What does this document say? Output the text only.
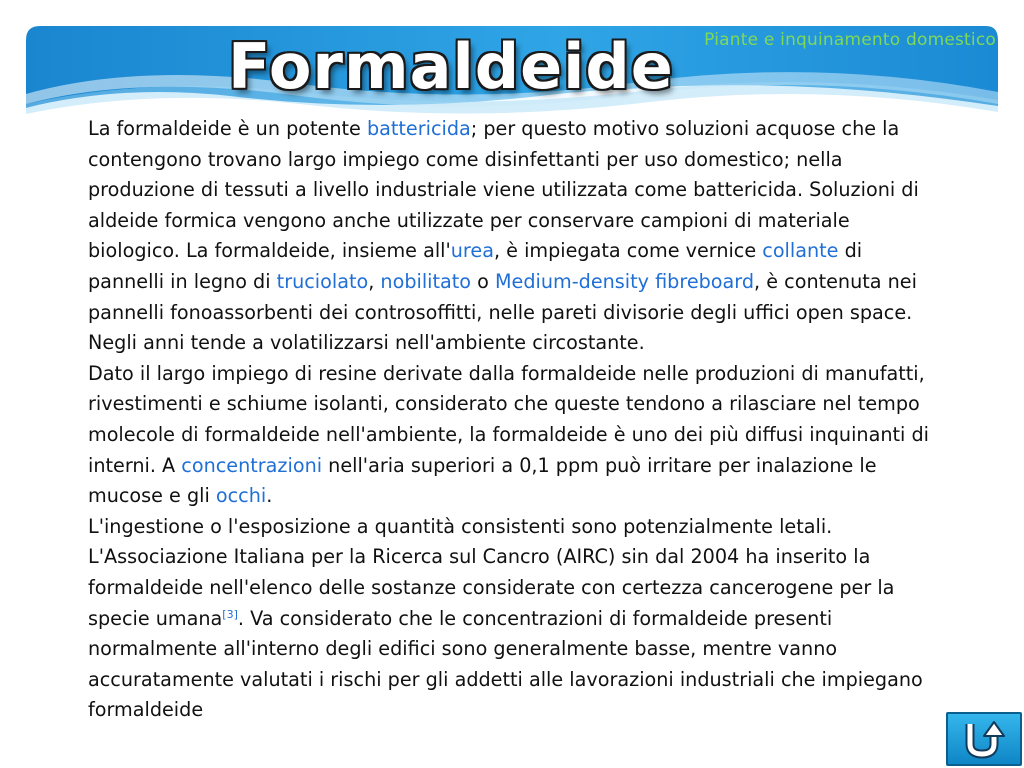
Piante e inquinamento domestico
Formaldeide

La formaldeide è un potente battericida; per questo motivo soluzioni acquose che la contengono trovano largo impiego come disinfettanti per uso domestico; nella produzione di tessuti a livello industriale viene utilizzata come battericida. Soluzioni di aldeide formica vengono anche utilizzate per conservare campioni di materiale biologico. La formaldeide, insieme all'urea, è impiegata come vernice collante di pannelli in legno di truciolato, nobilitato o Medium-density fibreboard, è contenuta nei pannelli fonoassorbenti dei controsoffitti, nelle pareti divisorie degli uffici open space. Negli anni tende a volatilizzarsi nell'ambiente circostante.

Dato il largo impiego di resine derivate dalla formaldeide nelle produzioni di manufatti, rivestimenti e schiume isolanti, considerato che queste tendono a rilasciare nel tempo molecole di formaldeide nell'ambiente, la formaldeide è uno dei più diffusi inquinanti di interni. A concentrazioni nell'aria superiori a 0,1 ppm può irritare per inalazione le mucose e gli occhi.

L'ingestione o l'esposizione a quantità consistenti sono potenzialmente letali. L'Associazione Italiana per la Ricerca sul Cancro (AIRC) sin dal 2004 ha inserito la formaldeide nell'elenco delle sostanze considerate con certezza cancerogene per la specie umana[3]. Va considerato che le concentrazioni di formaldeide presenti normalmente all'interno degli edifici sono generalmente basse, mentre vanno accuratamente valutati i rischi per gli addetti alle lavorazioni industriali che impiegano formaldeide
